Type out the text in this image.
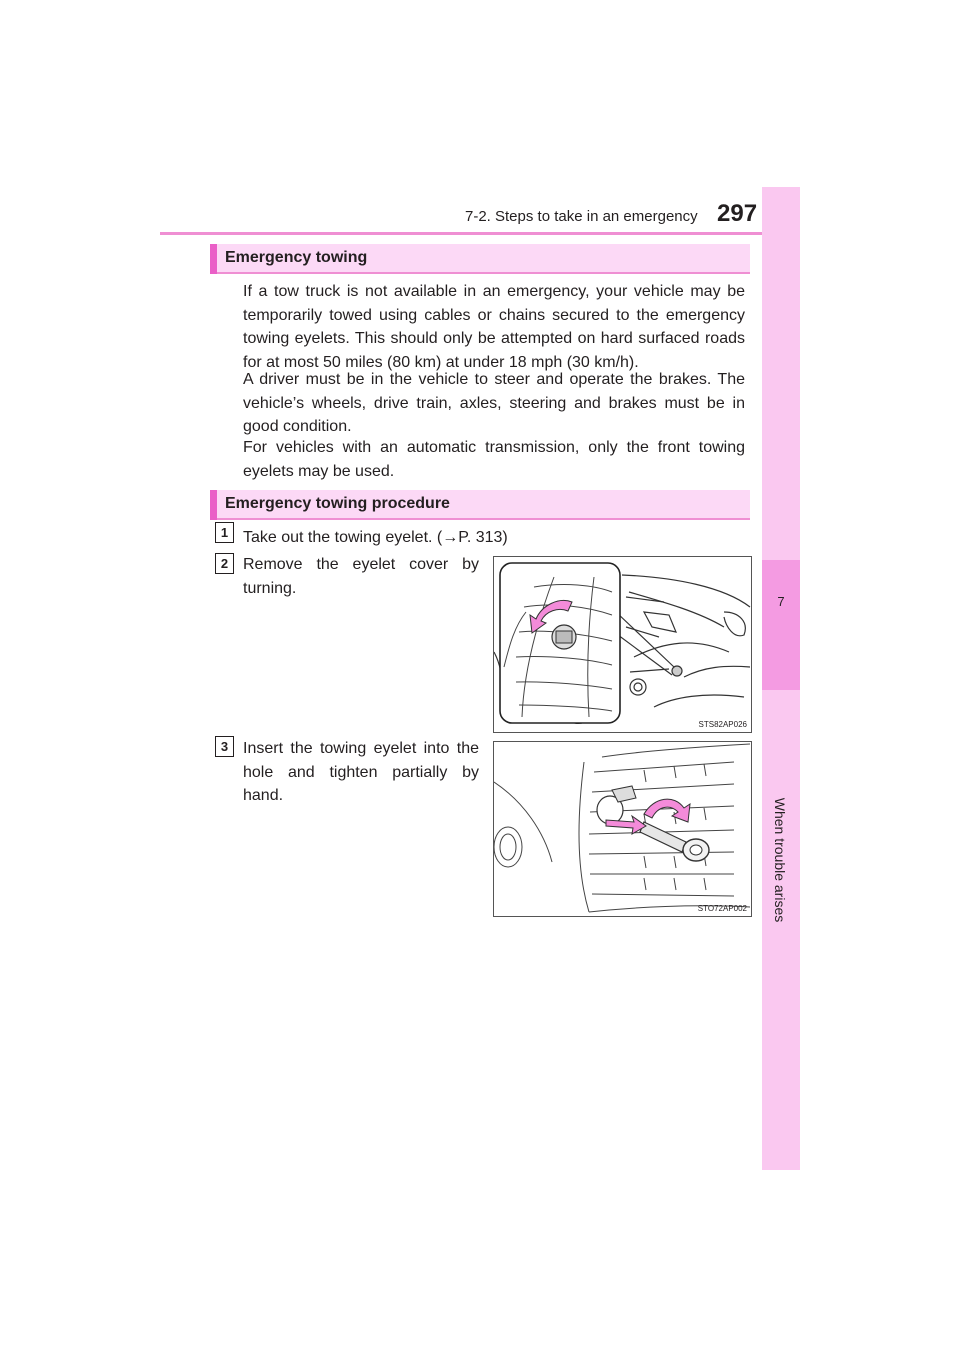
7-2. Steps to take in an emergency 297
7
When trouble arises
Emergency towing
If a tow truck is not available in an emergency, your vehicle may be temporarily towed using cables or chains secured to the emergency towing eyelets. This should only be attempted on hard surfaced roads for at most 50 miles (80 km) at under 18 mph (30 km/h).
A driver must be in the vehicle to steer and operate the brakes. The vehicle’s wheels, drive train, axles, steering and brakes must be in good condition.
For vehicles with an automatic transmission, only the front towing eyelets may be used.
Emergency towing procedure
1 Take out the towing eyelet. (→P. 313)
2 Remove the eyelet cover by turning.
STS82AP026
3 Insert the towing eyelet into the hole and tighten partially by hand.
STO72AP002
